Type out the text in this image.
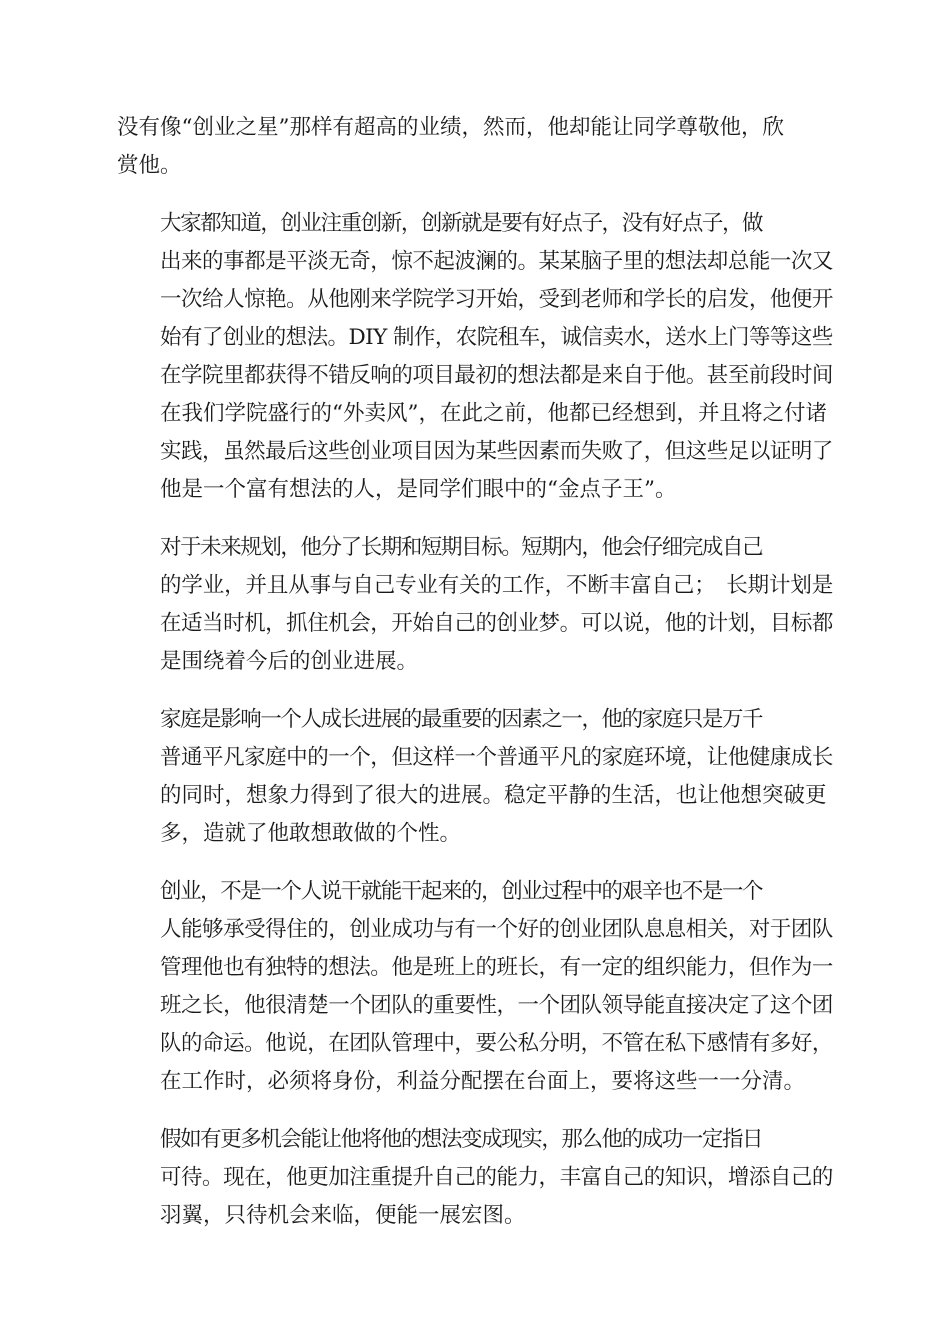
没有像“创业之星”那样有超高的业绩，然而，他却能让同学尊敬他，欣
赏他。
大家都知道，创业注重创新，创新就是要有好点子，没有好点子，做
出来的事都是平淡无奇，惊不起波澜的。某某脑子里的想法却总能一次又
一次给人惊艳。从他刚来学院学习开始，受到老师和学长的启发，他便开
始有了创业的想法。DIY 制作，农院租车，诚信卖水，送水上门等等这些
在学院里都获得不错反响的项目最初的想法都是来自于他。甚至前段时间
在我们学院盛行的“外卖风”，在此之前，他都已经想到，并且将之付诸
实践，虽然最后这些创业项目因为某些因素而失败了，但这些足以证明了
他是一个富有想法的人，是同学们眼中的“金点子王”。
对于未来规划，他分了长期和短期目标。短期内，他会仔细完成自己
的学业，并且从事与自己专业有关的工作，不断丰富自己；　长期计划是
在适当时机，抓住机会，开始自己的创业梦。可以说，他的计划，目标都
是围绕着今后的创业进展。
家庭是影响一个人成长进展的最重要的因素之一，他的家庭只是万千
普通平凡家庭中的一个，但这样一个普通平凡的家庭环境，让他健康成长
的同时，想象力得到了很大的进展。稳定平静的生活，也让他想突破更
多，造就了他敢想敢做的个性。
创业，不是一个人说干就能干起来的，创业过程中的艰辛也不是一个
人能够承受得住的，创业成功与有一个好的创业团队息息相关，对于团队
管理他也有独特的想法。他是班上的班长，有一定的组织能力，但作为一
班之长，他很清楚一个团队的重要性，一个团队领导能直接决定了这个团
队的命运。他说，在团队管理中，要公私分明，不管在私下感情有多好，
在工作时，必须将身份，利益分配摆在台面上，要将这些一一分清。
假如有更多机会能让他将他的想法变成现实，那么他的成功一定指日
可待。现在，他更加注重提升自己的能力，丰富自己的知识，增添自己的
羽翼，只待机会来临，便能一展宏图。
